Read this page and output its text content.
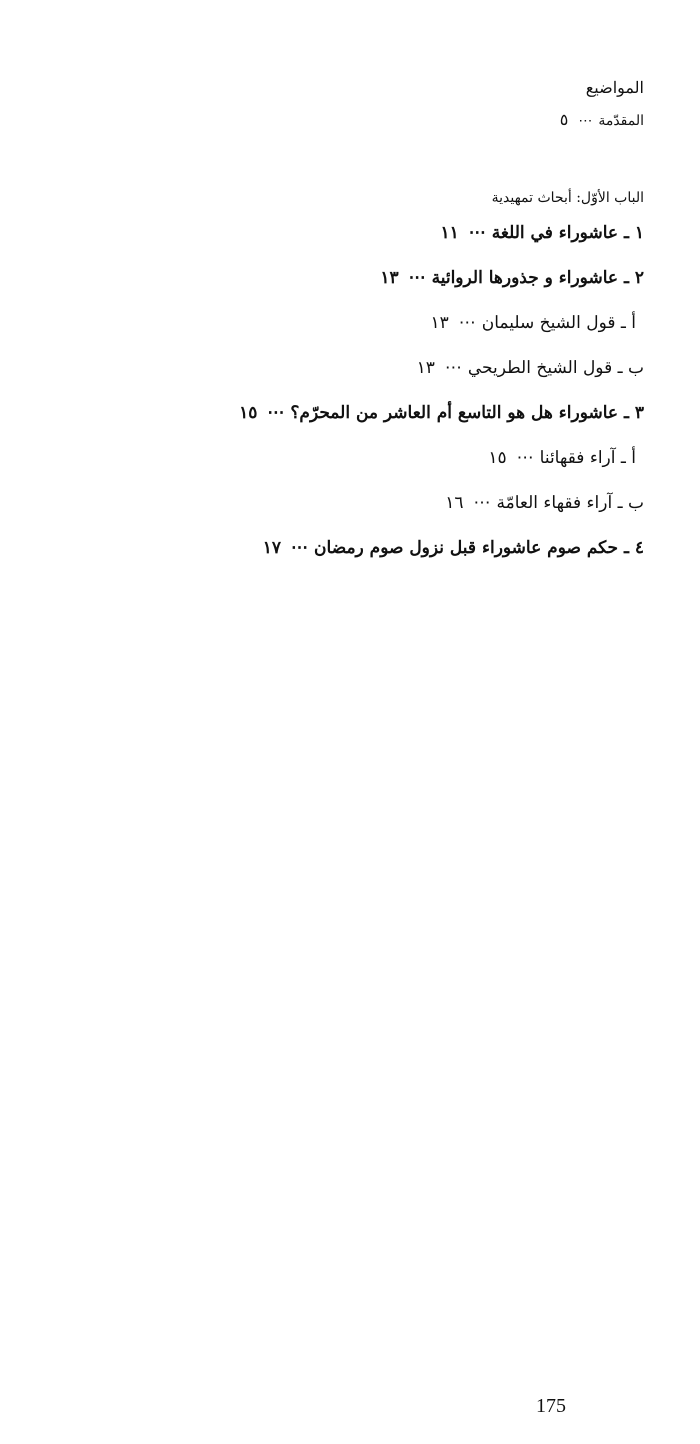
المواضيع
المقدّمة⋯٥
الباب الأوّل: أبحاث تمهيدية
١ ـ عاشوراء في اللغة⋯١١
٢ ـ عاشوراء و جذورها الروائية⋯١٣
أ ـ قول الشيخ سليمان⋯١٣
ب ـ قول الشيخ الطريحي⋯١٣
٣ ـ عاشوراء هل هو التاسع أم العاشر من المحرّم؟⋯١٥
أ ـ آراء فقهائنا⋯١٥
ب ـ آراء فقهاء العامّة⋯١٦
٤ ـ حكم صوم عاشوراء قبل نزول صوم رمضان⋯١٧
175
